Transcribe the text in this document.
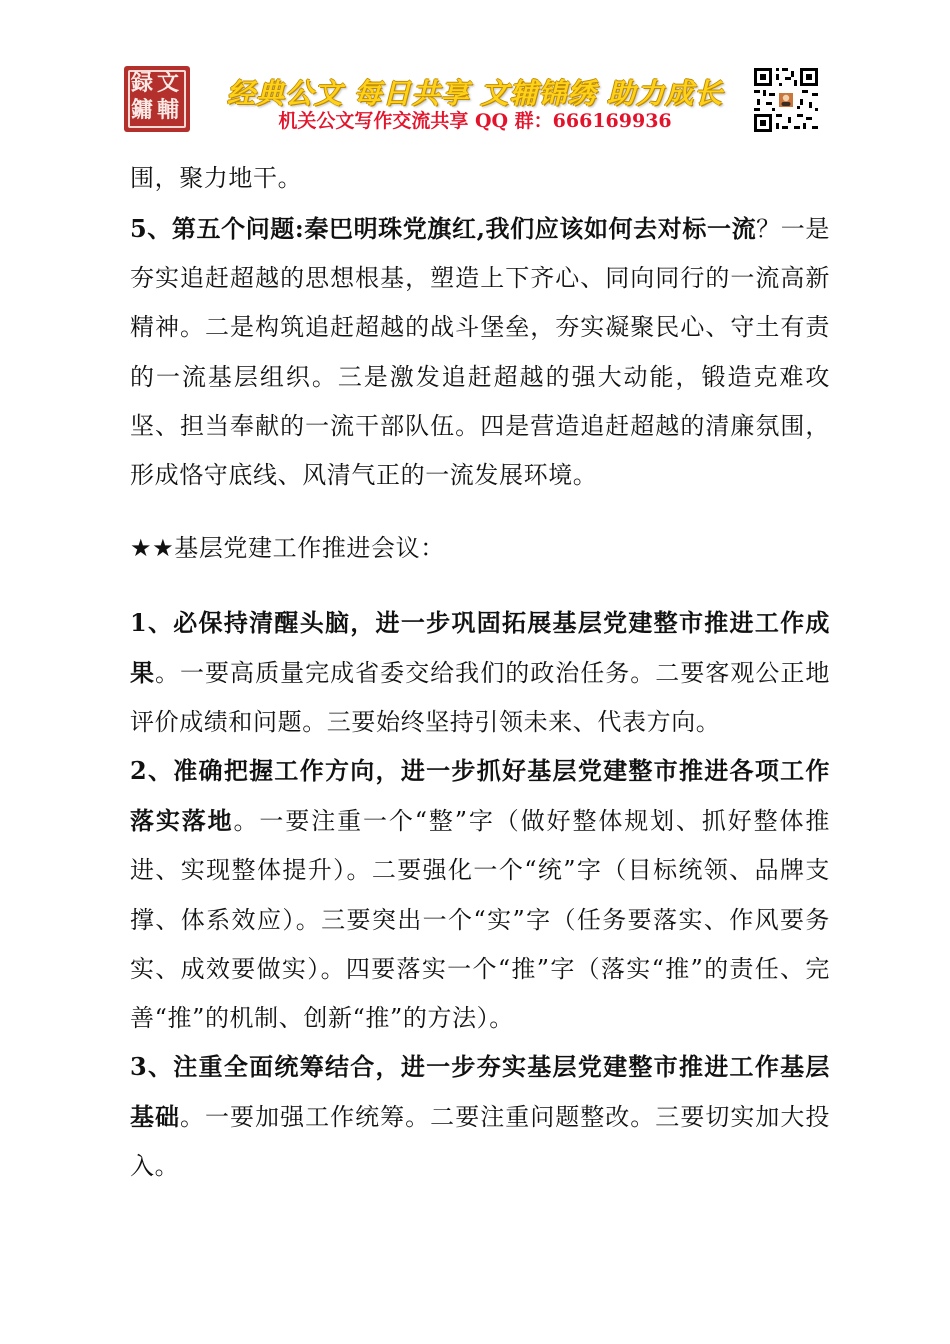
録 文
鏞 輔	经典公文 每日共享 文辅锦绣 助力成长
机关公文写作交流共享 QQ 群：666169936
围，聚力地干。
5、第五个问题:秦巴明珠党旗红,我们应该如何去对标一流？一是夯实追赶超越的思想根基，塑造上下齐心、同向同行的一流高新精神。二是构筑追赶超越的战斗堡垒，夯实凝聚民心、守土有责的一流基层组织。三是激发追赶超越的强大动能，锻造克难攻坚、担当奉献的一流干部队伍。四是营造追赶超越的清廉氛围，形成恪守底线、风清气正的一流发展环境。
★★基层党建工作推进会议：
1、必保持清醒头脑，进一步巩固拓展基层党建整市推进工作成果。一要高质量完成省委交给我们的政治任务。二要客观公正地评价成绩和问题。三要始终坚持引领未来、代表方向。
2、准确把握工作方向，进一步抓好基层党建整市推进各项工作落实落地。一要注重一个“整”字（做好整体规划、抓好整体推进、实现整体提升）。二要强化一个“统”字（目标统领、品牌支撑、体系效应）。三要突出一个“实”字（任务要落实、作风要务实、成效要做实）。四要落实一个“推”字（落实“推”的责任、完善“推”的机制、创新“推”的方法）。
3、注重全面统筹结合，进一步夯实基层党建整市推进工作基层基础。一要加强工作统筹。二要注重问题整改。三要切实加大投入。
